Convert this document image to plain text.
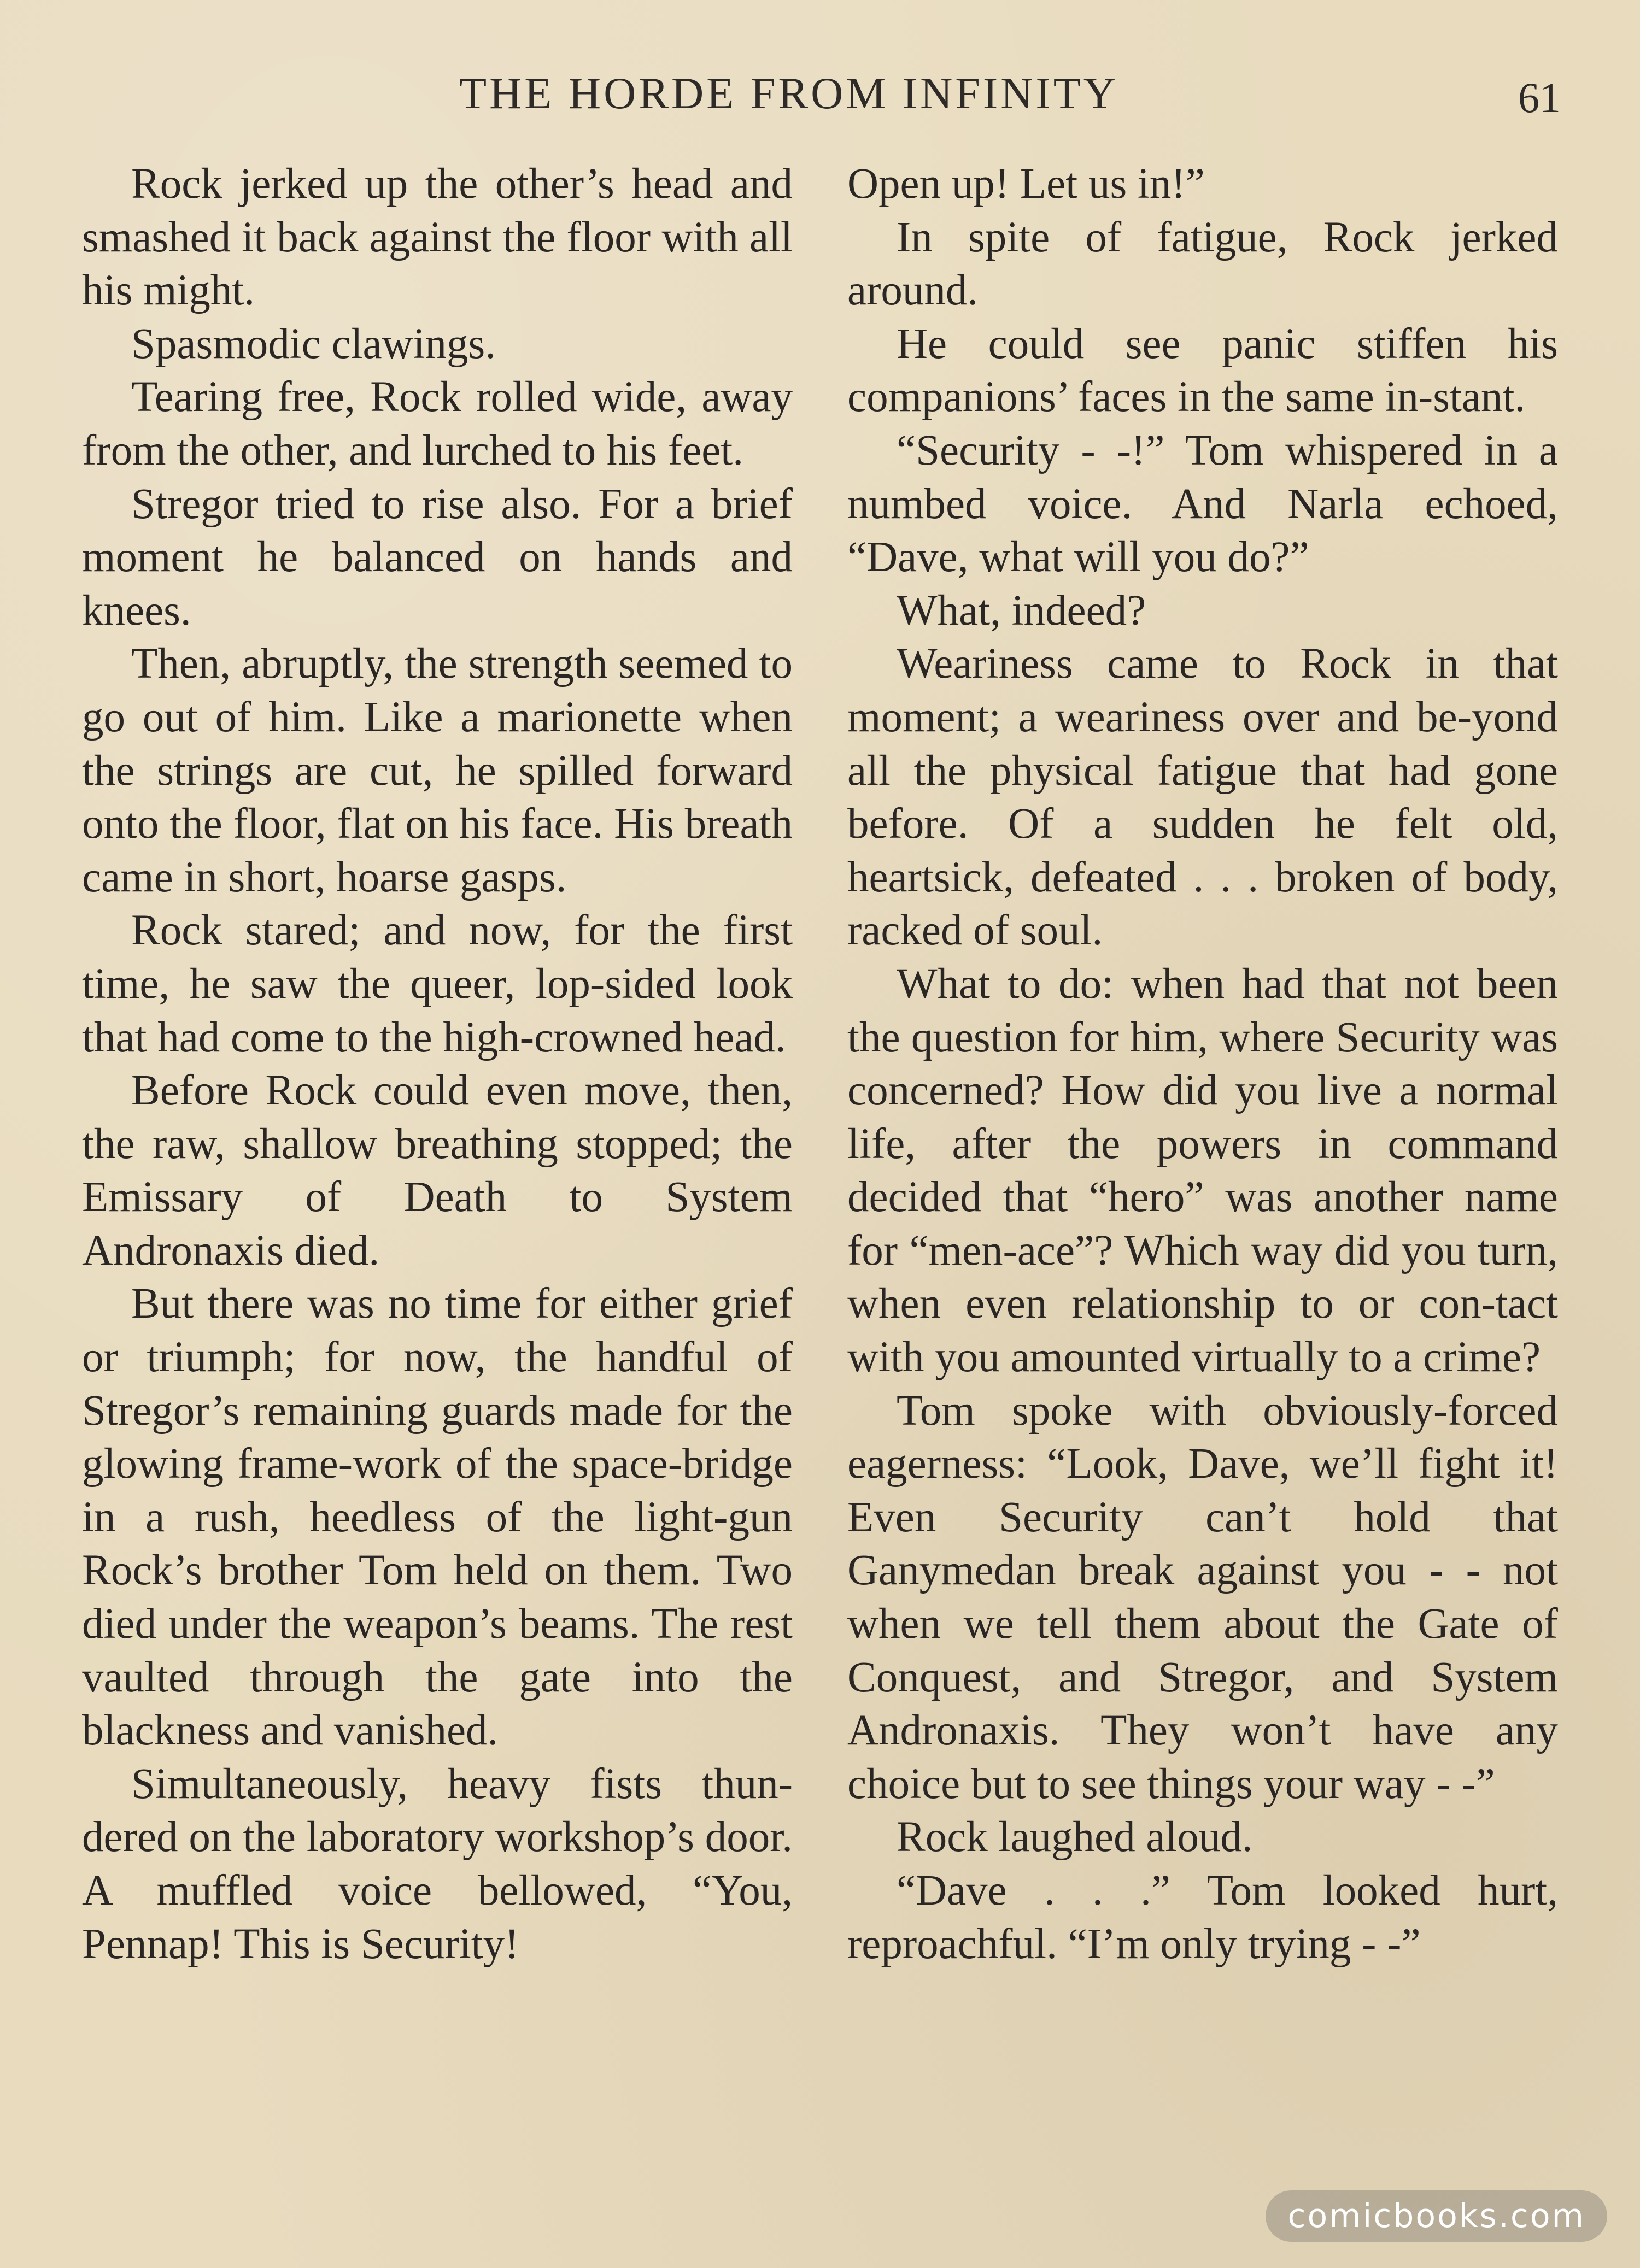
THE HORDE FROM INFINITY	61

Rock jerked up the other’s head and smashed it back against the floor with all his might.

Spasmodic clawings.

Tearing free, Rock rolled wide, away from the other, and lurched to his feet.

Stregor tried to rise also. For a brief moment he balanced on hands and knees.

Then, abruptly, the strength seemed to go out of him. Like a marionette when the strings are cut, he spilled forward onto the floor, flat on his face. His breath came in short, hoarse gasps.

Rock stared; and now, for the first time, he saw the queer, lop-sided look that had come to the high-crowned head.

Before Rock could even move, then, the raw, shallow breathing stopped; the Emissary of Death to System Andronaxis died.

But there was no time for either grief or triumph; for now, the handful of Stregor’s remaining guards made for the glowing frame-work of the space-bridge in a rush, heedless of the light-gun Rock’s brother Tom held on them. Two died under the weapon’s beams. The rest vaulted through the gate into the blackness and vanished.

Simultaneously, heavy fists thun-dered on the laboratory workshop’s door. A muffled voice bellowed, “You, Pennap! This is Security!

Open up! Let us in!”

In spite of fatigue, Rock jerked around.

He could see panic stiffen his companions’ faces in the same in-stant.

“Security - -!” Tom whispered in a numbed voice. And Narla echoed, “Dave, what will you do?”

What, indeed?

Weariness came to Rock in that moment; a weariness over and be-yond all the physical fatigue that had gone before. Of a sudden he felt old, heartsick, defeated . . . broken of body, racked of soul.

What to do: when had that not been the question for him, where Security was concerned? How did you live a normal life, after the powers in command decided that “hero” was another name for “men-ace”? Which way did you turn, when even relationship to or con-tact with you amounted virtually to a crime?

Tom spoke with obviously-forced eagerness: “Look, Dave, we’ll fight it! Even Security can’t hold that Ganymedan break against you - - not when we tell them about the Gate of Conquest, and Stregor, and System Andronaxis. They won’t have any choice but to see things your way - -”

Rock laughed aloud.

“Dave . . .” Tom looked hurt, reproachful. “I’m only trying - -”

comicbooks.com
